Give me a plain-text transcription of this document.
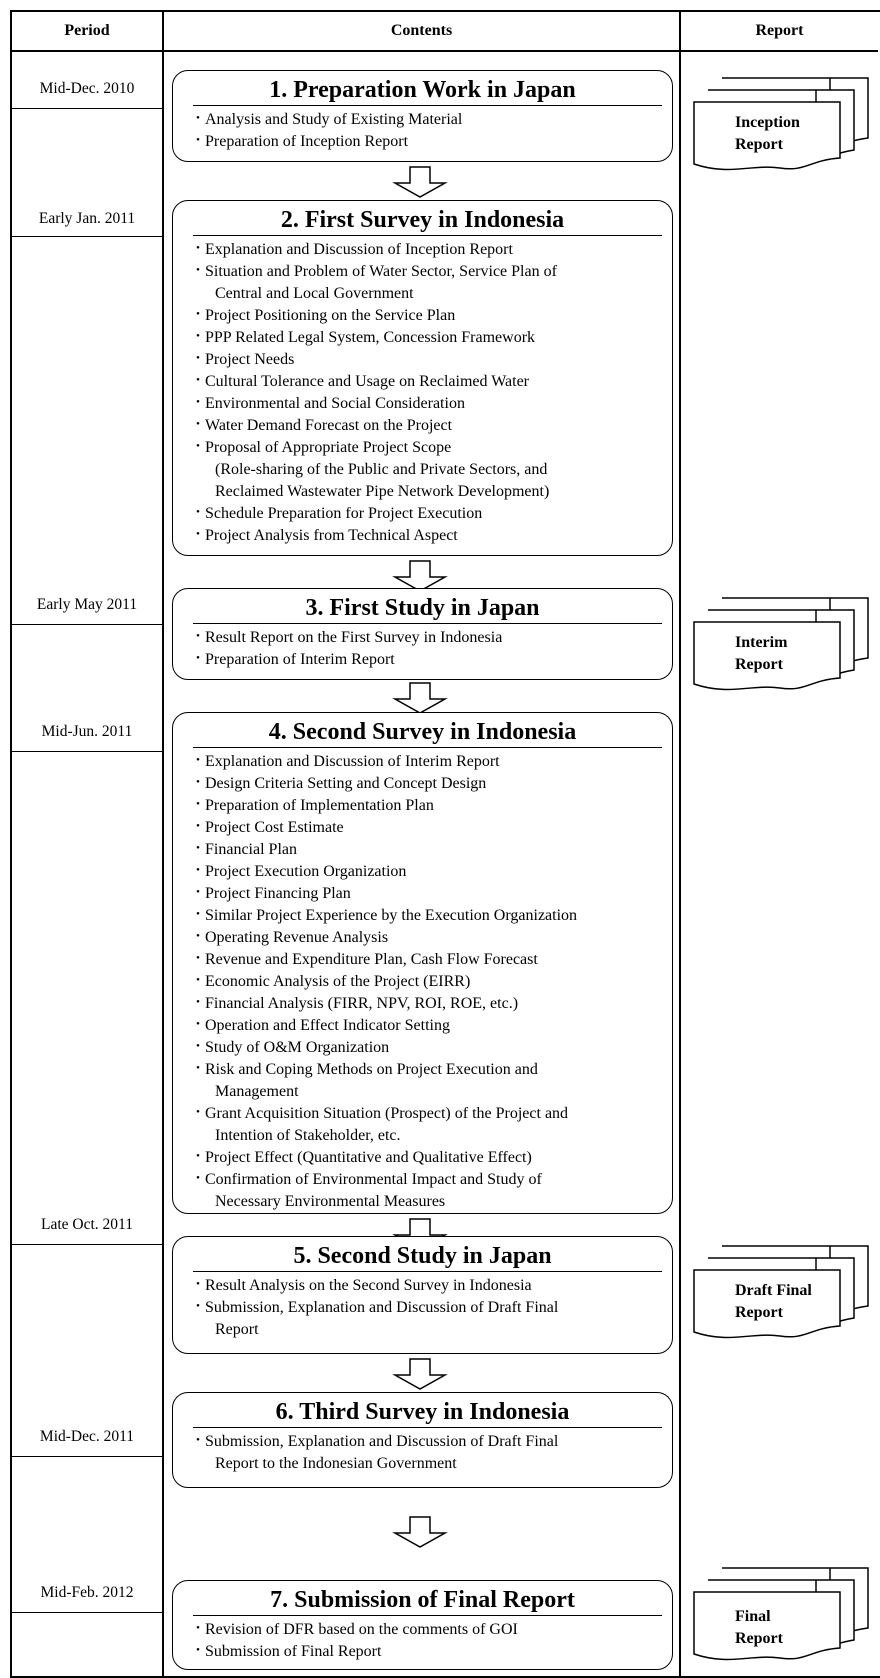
Period	Contents	Report
Mid-Dec. 2010
Early Jan. 2011
Early May 2011
Mid-Jun. 2011
Late Oct. 2011
Mid-Dec. 2011
Mid-Feb. 2012
1. Preparation Work in Japan
・ Analysis and Study of Existing Material
・ Preparation of Inception Report
2. First Survey in Indonesia
・ Explanation and Discussion of Inception Report
・ Situation and Problem of Water Sector, Service Plan of
Central and Local Government
・ Project Positioning on the Service Plan
・ PPP Related Legal System, Concession Framework
・ Project Needs
・ Cultural Tolerance and Usage on Reclaimed Water
・ Environmental and Social Consideration
・ Water Demand Forecast on the Project
・ Proposal of Appropriate Project Scope
(Role-sharing of the Public and Private Sectors, and
Reclaimed Wastewater Pipe Network Development)
・ Schedule Preparation for Project Execution
・ Project Analysis from Technical Aspect
3. First Study in Japan
・ Result Report on the First Survey in Indonesia
・ Preparation of Interim Report
4. Second Survey in Indonesia
・ Explanation and Discussion of Interim Report
・ Design Criteria Setting and Concept Design
・ Preparation of Implementation Plan
・ Project Cost Estimate
・ Financial Plan
・ Project Execution Organization
・ Project Financing Plan
・ Similar Project Experience by the Execution Organization
・ Operating Revenue Analysis
・ Revenue and Expenditure Plan, Cash Flow Forecast
・ Economic Analysis of the Project (EIRR)
・ Financial Analysis (FIRR, NPV, ROI, ROE, etc.)
・ Operation and Effect Indicator Setting
・ Study of O&M Organization
・ Risk and Coping Methods on Project Execution and
Management
・ Grant Acquisition Situation (Prospect) of the Project and
Intention of Stakeholder, etc.
・ Project Effect (Quantitative and Qualitative Effect)
・ Confirmation of Environmental Impact and Study of
Necessary Environmental Measures
5. Second Study in Japan
・ Result Analysis on the Second Survey in Indonesia
・ Submission, Explanation and Discussion of Draft Final
Report
6. Third Survey in Indonesia
・ Submission, Explanation and Discussion of Draft Final
Report to the Indonesian Government
7. Submission of Final Report
・ Revision of DFR based on the comments of GOI
・ Submission of Final Report
Inception
Report
Interim
Report
Draft Final
Report
Final
Report
